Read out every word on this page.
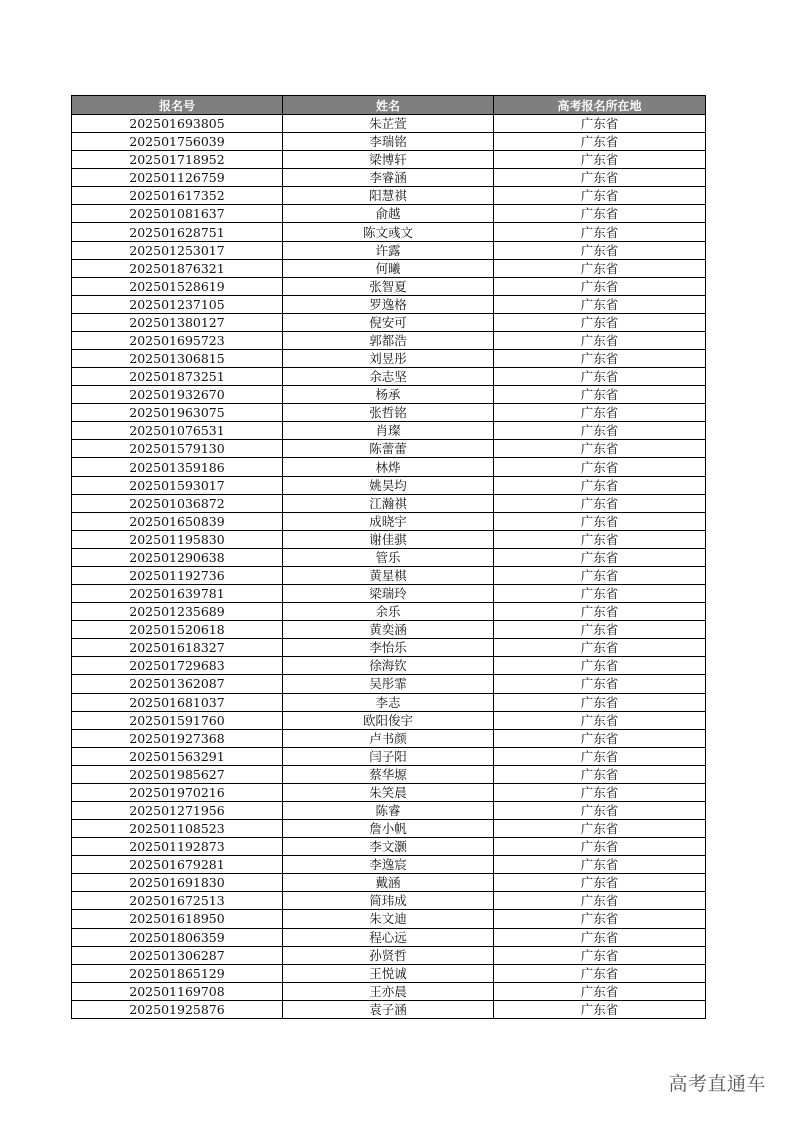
报名号	姓名	高考报名所在地
202501693805	朱芷萱	广东省
202501756039	李瑞铭	广东省
202501718952	梁博轩	广东省
202501126759	李睿涵	广东省
202501617352	阳慧祺	广东省
202501081637	俞越	广东省
202501628751	陈文彧文	广东省
202501253017	许露	广东省
202501876321	何曦	广东省
202501528619	张智夏	广东省
202501237105	罗逸格	广东省
202501380127	倪安可	广东省
202501695723	郭都浩	广东省
202501306815	刘昱彤	广东省
202501873251	余志坚	广东省
202501932670	杨承	广东省
202501963075	张哲铭	广东省
202501076531	肖璨	广东省
202501579130	陈蕾蕾	广东省
202501359186	林烨	广东省
202501593017	姚昊均	广东省
202501036872	江瀚祺	广东省
202501650839	成晓宇	广东省
202501195830	谢佳骐	广东省
202501290638	管乐	广东省
202501192736	黄星棋	广东省
202501639781	梁瑞玲	广东省
202501235689	余乐	广东省
202501520618	黄奕涵	广东省
202501618327	李怡乐	广东省
202501729683	徐海钦	广东省
202501362087	吴彤霏	广东省
202501681037	李志	广东省
202501591760	欧阳俊宇	广东省
202501927368	卢书颜	广东省
202501563291	闫子阳	广东省
202501985627	蔡华塬	广东省
202501970216	朱笑晨	广东省
202501271956	陈睿	广东省
202501108523	詹小帆	广东省
202501192873	李文灏	广东省
202501679281	李逸宸	广东省
202501691830	戴涵	广东省
202501672513	简玮成	广东省
202501618950	朱文迪	广东省
202501806359	程心远	广东省
202501306287	孙贤哲	广东省
202501865129	王悦诚	广东省
202501169708	王亦晨	广东省
202501925876	袁子涵	广东省
高考直通车
